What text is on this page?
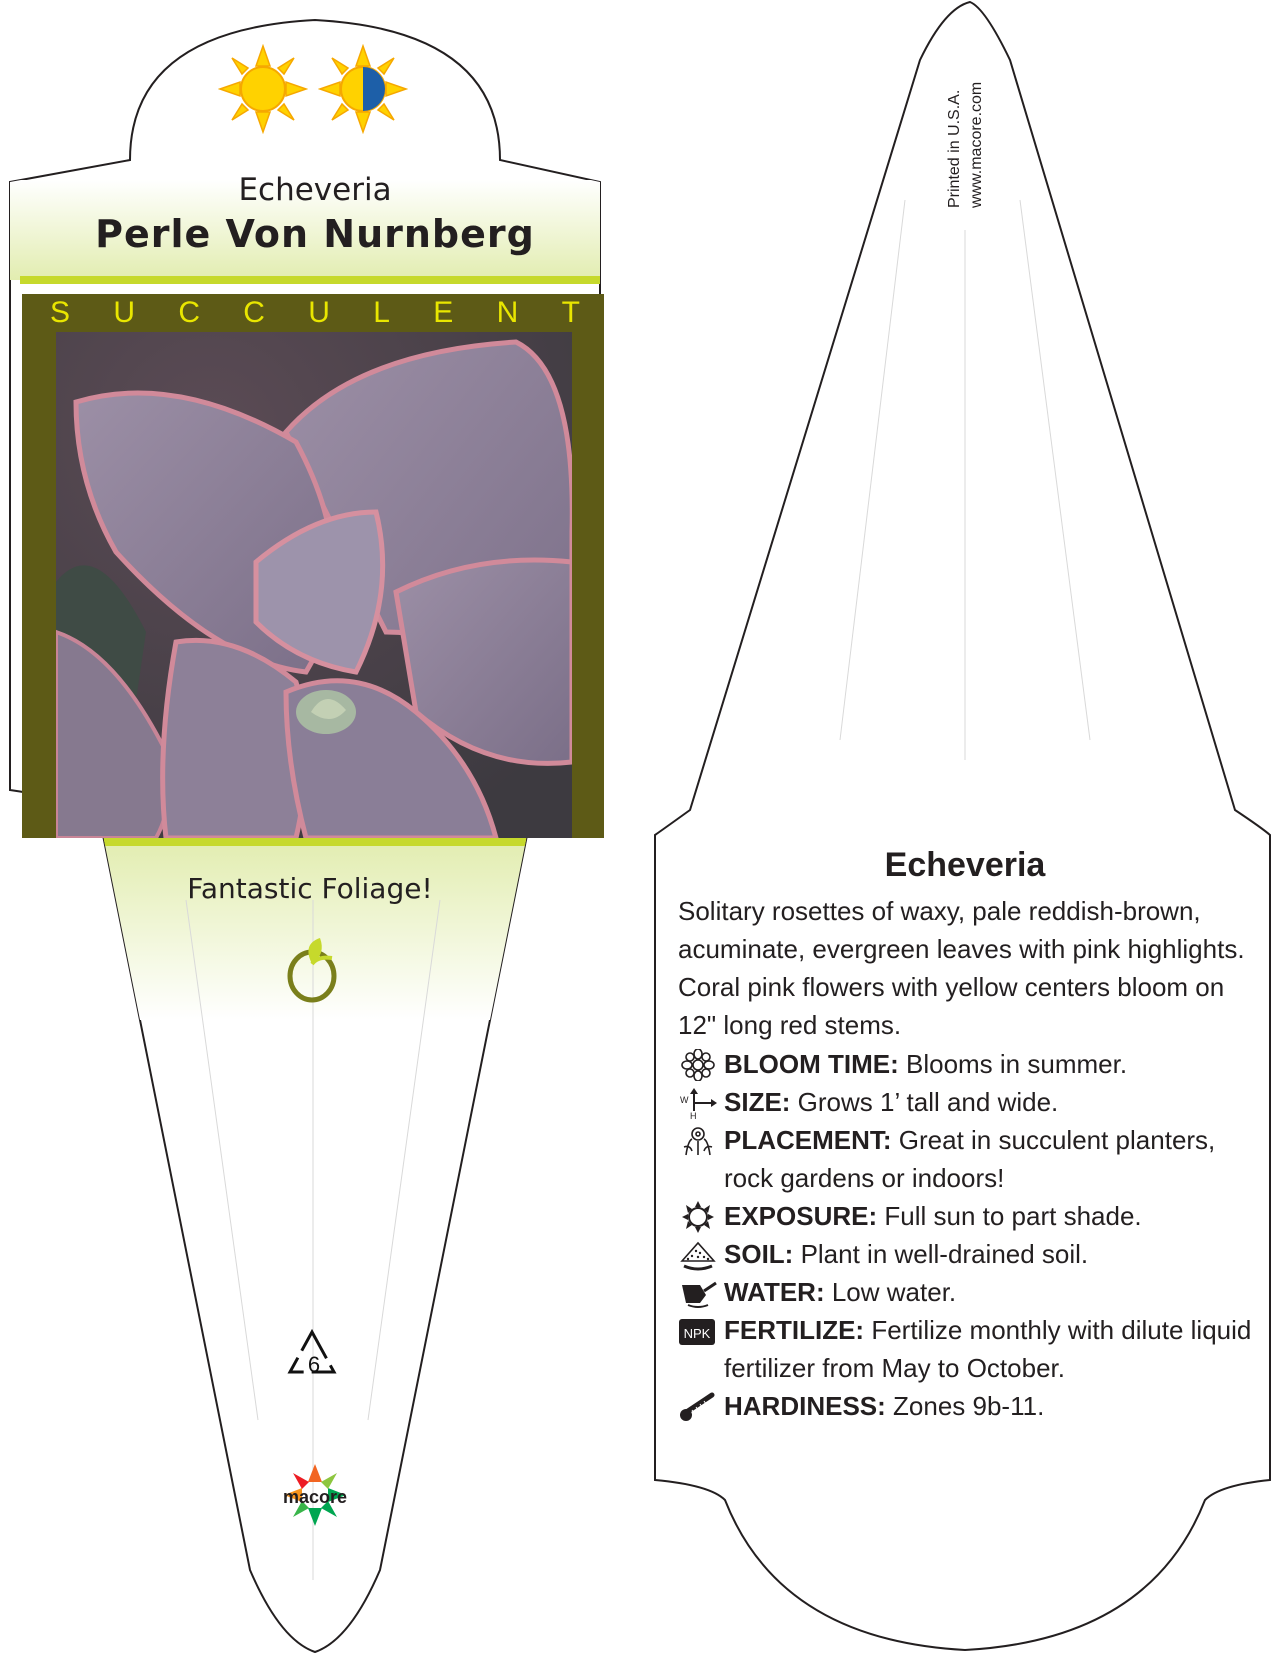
Echeveria
Perle Von Nurnberg
S U C C U L E N T
Fantastic Foliage!
6
macore
Printed in U.S.A. www.macore.com
Echeveria
Solitary rosettes of waxy, pale reddish-brown, acuminate, evergreen leaves with pink highlights. Coral pink flowers with yellow centers bloom on 12" long red stems.
BLOOM TIME: Blooms in summer.
W
H SIZE: Grows 1’ tall and wide.
PLACEMENT: Great in succulent planters, rock gardens or indoors!
EXPOSURE: Full sun to part shade.
SOIL: Plant in well-drained soil.
WATER: Low water.
NPK FERTILIZE: Fertilize monthly with dilute liquid fertilizer from May to October.
HARDINESS: Zones 9b-11.
